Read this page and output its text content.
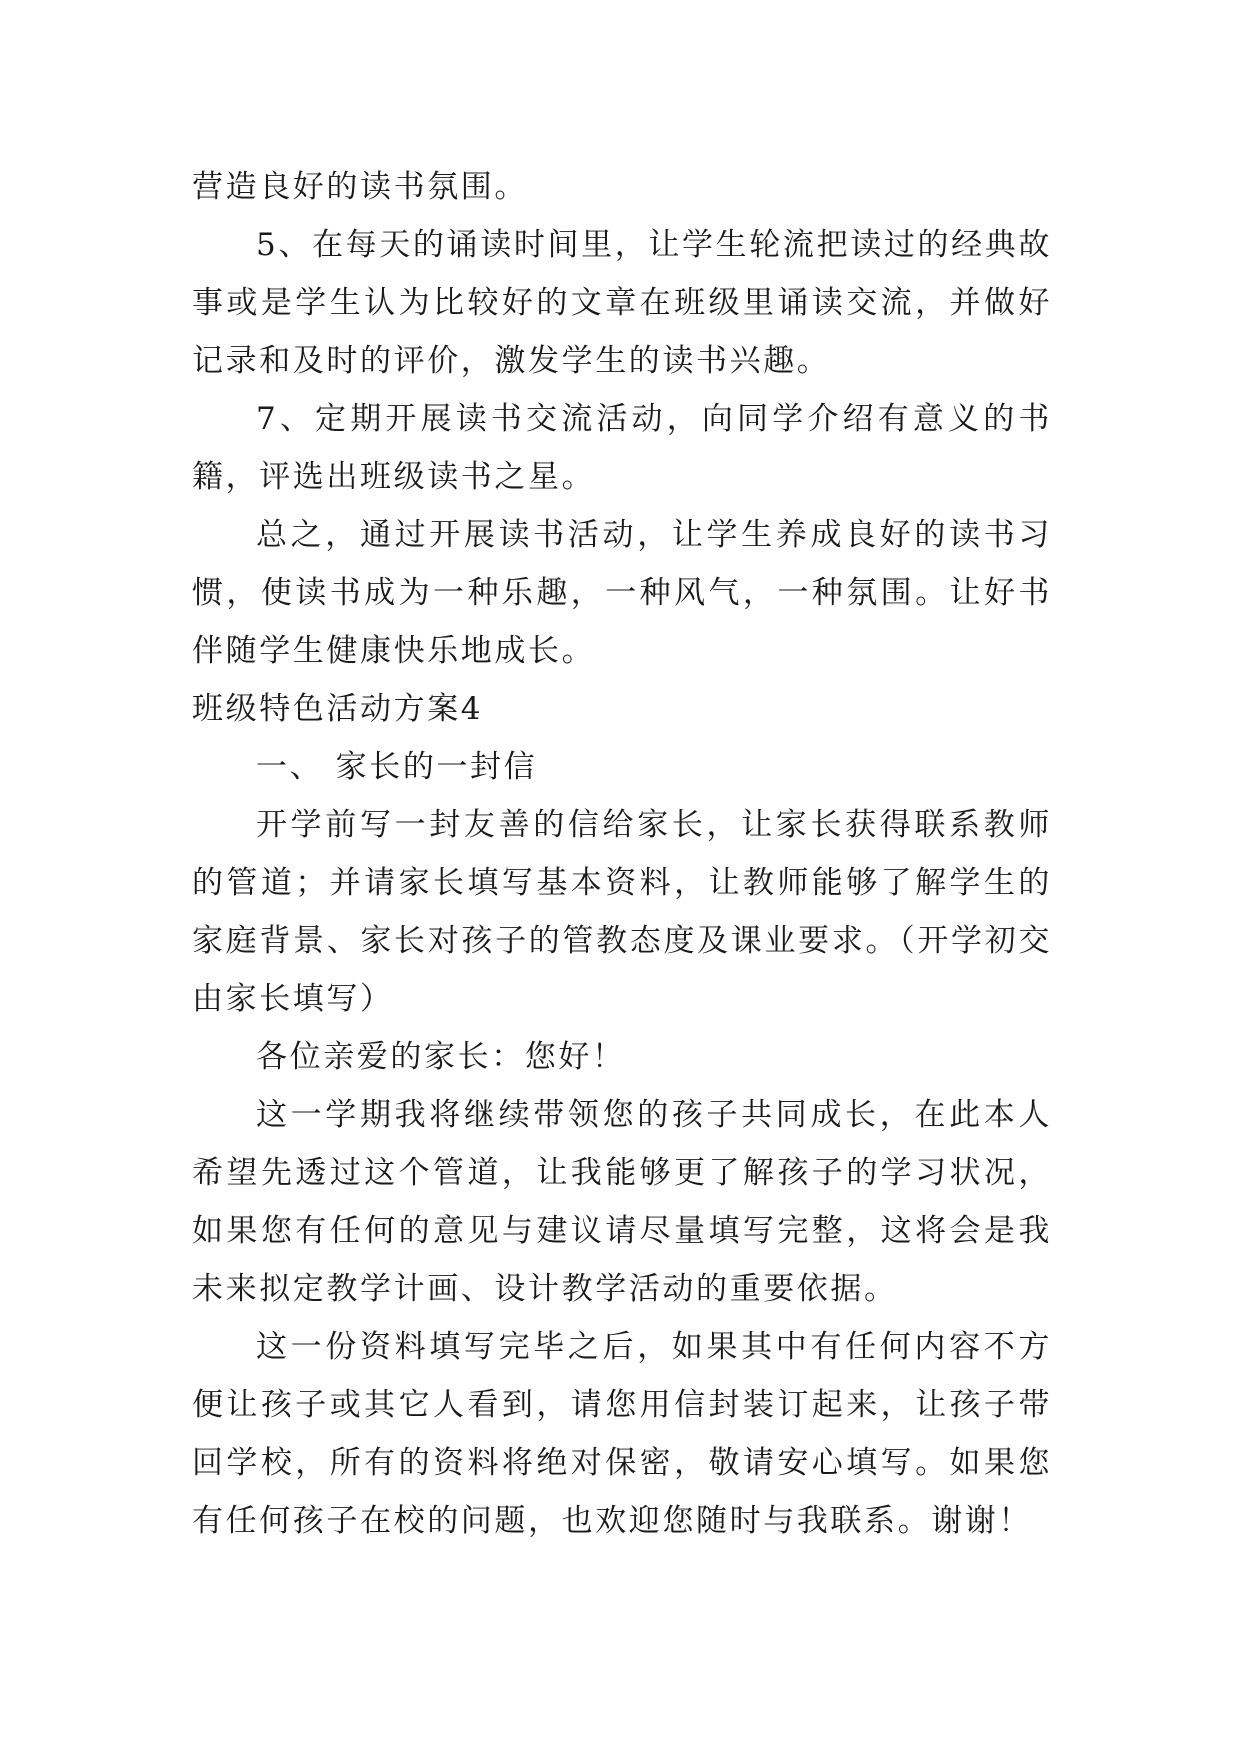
营造良好的读书氛围。

5、在每天的诵读时间里，让学生轮流把读过的经典故事或是学生认为比较好的文章在班级里诵读交流，并做好记录和及时的评价，激发学生的读书兴趣。

7、定期开展读书交流活动，向同学介绍有意义的书籍，评选出班级读书之星。

总之，通过开展读书活动，让学生养成良好的读书习惯，使读书成为一种乐趣，一种风气，一种氛围。让好书伴随学生健康快乐地成长。

班级特色活动方案4

一、 家长的一封信

开学前写一封友善的信给家长，让家长获得联系教师的管道；并请家长填写基本资料，让教师能够了解学生的家庭背景、家长对孩子的管教态度及课业要求。（开学初交由家长填写）

各位亲爱的家长：您好！

这一学期我将继续带领您的孩子共同成长，在此本人希望先透过这个管道，让我能够更了解孩子的学习状况，如果您有任何的意见与建议请尽量填写完整，这将会是我未来拟定教学计画、设计教学活动的重要依据。

这一份资料填写完毕之后，如果其中有任何内容不方便让孩子或其它人看到，请您用信封装订起来，让孩子带回学校，所有的资料将绝对保密，敬请安心填写。如果您有任何孩子在校的问题，也欢迎您随时与我联系。谢谢！
